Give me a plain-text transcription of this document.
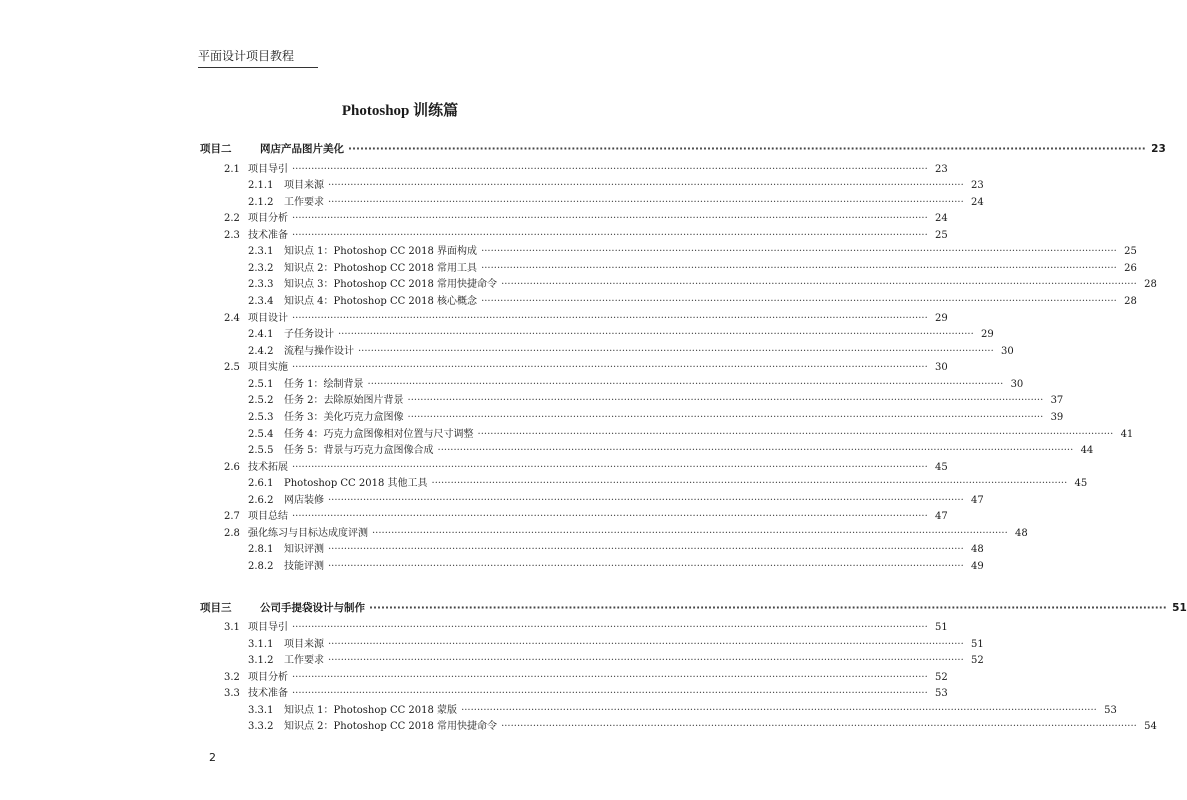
平面设计项目教程
Photoshop 训练篇
项目二	网店产品图片美化 ········································································································································································································ 23
2.1 项目导引 ········································································································································································································ 23
2.1.1	项目来源 ········································································································································································································ 23
2.1.2	工作要求 ········································································································································································································ 24
2.2 项目分析 ········································································································································································································ 24
2.3 技术准备 ········································································································································································································ 25
2.3.1	知识点 1：Photoshop CC 2018 界面构成 ········································································································································································································ 25
2.3.2	知识点 2：Photoshop CC 2018 常用工具 ········································································································································································································ 26
2.3.3	知识点 3：Photoshop CC 2018 常用快捷命令 ········································································································································································································ 28
2.3.4	知识点 4：Photoshop CC 2018 核心概念 ········································································································································································································ 28
2.4 项目设计 ········································································································································································································ 29
2.4.1	子任务设计 ········································································································································································································ 29
2.4.2	流程与操作设计 ········································································································································································································ 30
2.5 项目实施 ········································································································································································································ 30
2.5.1	任务 1：绘制背景 ········································································································································································································ 30
2.5.2	任务 2：去除原始图片背景 ········································································································································································································ 37
2.5.3	任务 3：美化巧克力盒图像 ········································································································································································································ 39
2.5.4	任务 4：巧克力盒图像相对位置与尺寸调整 ········································································································································································································ 41
2.5.5	任务 5：背景与巧克力盒图像合成 ········································································································································································································ 44
2.6 技术拓展 ········································································································································································································ 45
2.6.1	Photoshop CC 2018 其他工具 ········································································································································································································ 45
2.6.2	网店装修 ········································································································································································································ 47
2.7 项目总结 ········································································································································································································ 47
2.8 强化练习与目标达成度评测 ········································································································································································································ 48
2.8.1	知识评测 ········································································································································································································ 48
2.8.2	技能评测 ········································································································································································································ 49
项目三	公司手提袋设计与制作 ········································································································································································································ 51
3.1 项目导引 ········································································································································································································ 51
3.1.1	项目来源 ········································································································································································································ 51
3.1.2	工作要求 ········································································································································································································ 52
3.2 项目分析 ········································································································································································································ 52
3.3 技术准备 ········································································································································································································ 53
3.3.1	知识点 1：Photoshop CC 2018 蒙版 ········································································································································································································ 53
3.3.2	知识点 2：Photoshop CC 2018 常用快捷命令 ········································································································································································································ 54
2
